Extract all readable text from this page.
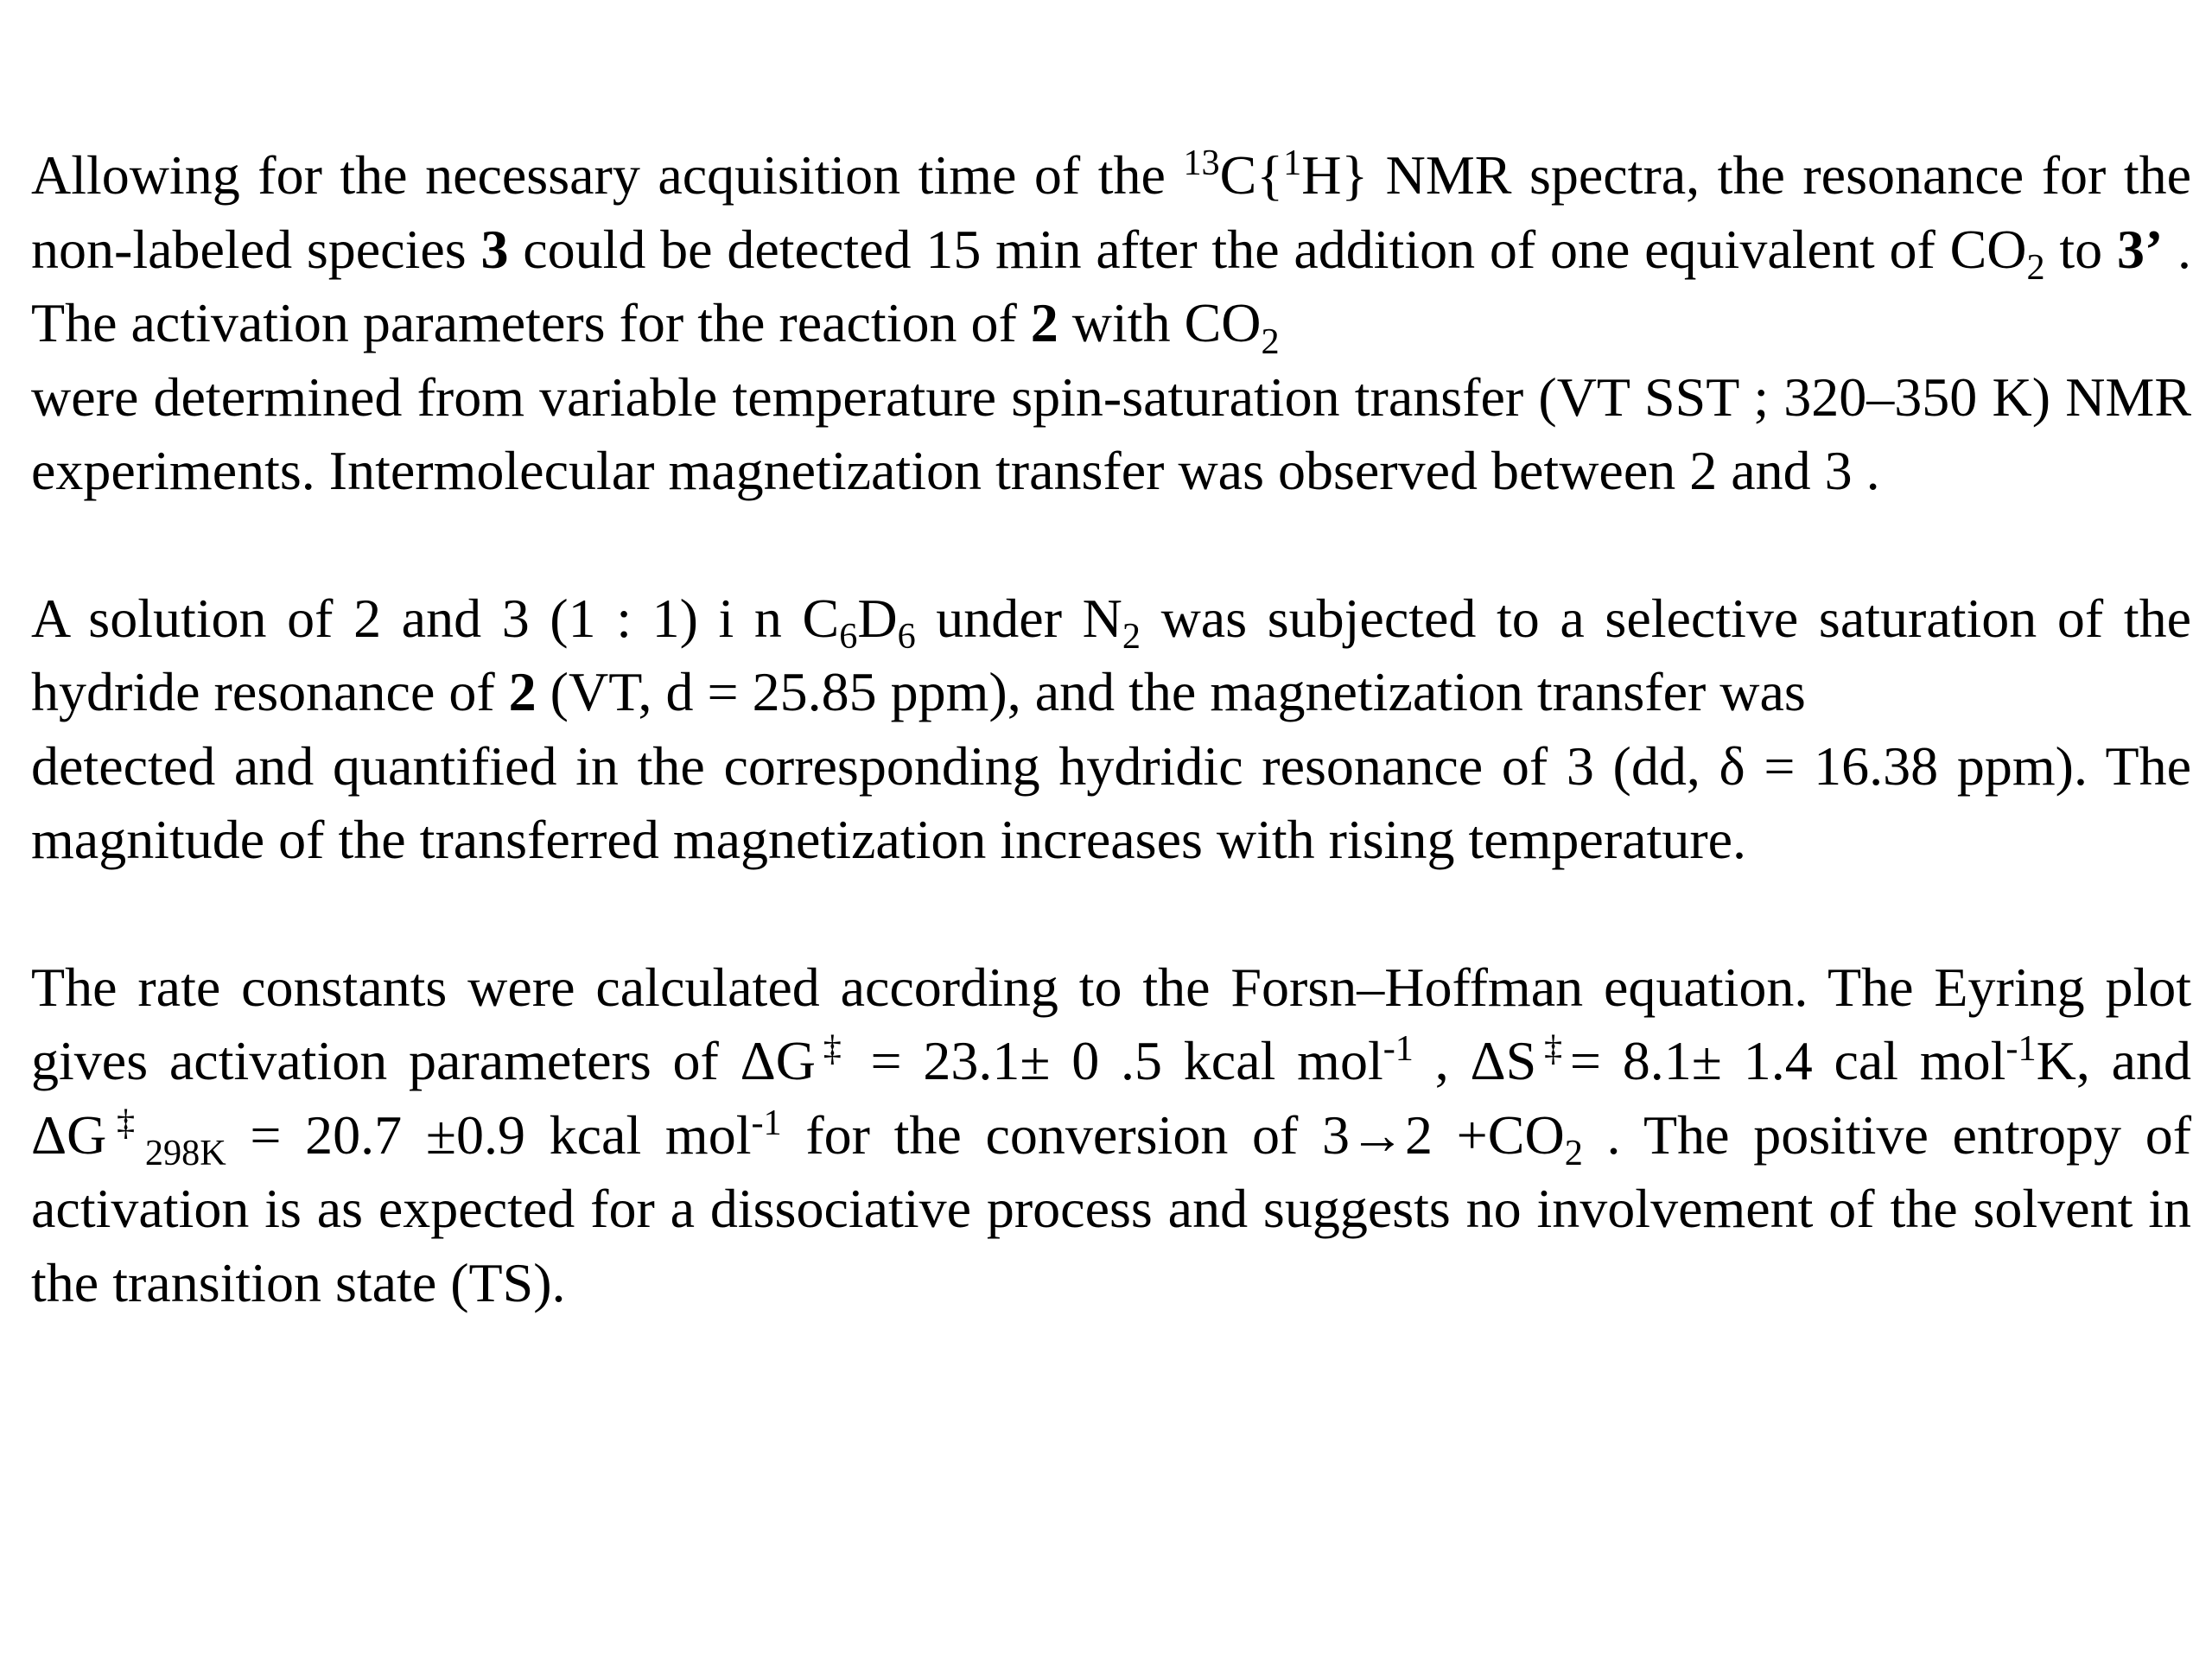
Allowing for the necessary acquisition time of the $^{13}$C{$^1$H} NMR spectra, the resonance for the non-labeled species 3 could be detected 15 min after the addition of one equivalent of $CO_2$ to 3’ . The activation parameters for the reaction of 2 with $CO_2$
were determined from variable temperature spin-saturation transfer (VT SST ; 320–350 K) NMR experiments. Intermolecular magnetization transfer was observed between 2 and 3 .

A solution of 2 and 3 (1 : 1) i n $C_6D_6$ under $N_2$ was subjected to a selective saturation of the hydride resonance of 2 (VT, d = 25.85 ppm), and the magnetization transfer was
detected and quantified in the corresponding hydridic resonance of 3 (dd, δ = 16.38 ppm). The magnitude of the transferred magnetization increases with rising temperature.

The rate constants were calculated according to the Forsn–Hoffman equation. The Eyring plot gives activation parameters of ΔG‡ = 23.1± 0 .5 kcal mol$^{-1}$ , ΔS‡= 8.1± 1.4 cal mol$^{-1}$K, and $\Delta G^\ddagger_{298K} = 20.7 \pm 0.9$ kcal mol$^{-1}$ for the conversion of $3\to 2 +CO_2$ . The positive entropy of activation is as expected for a dissociative process and suggests no involvement of the solvent in the transition state (TS).
